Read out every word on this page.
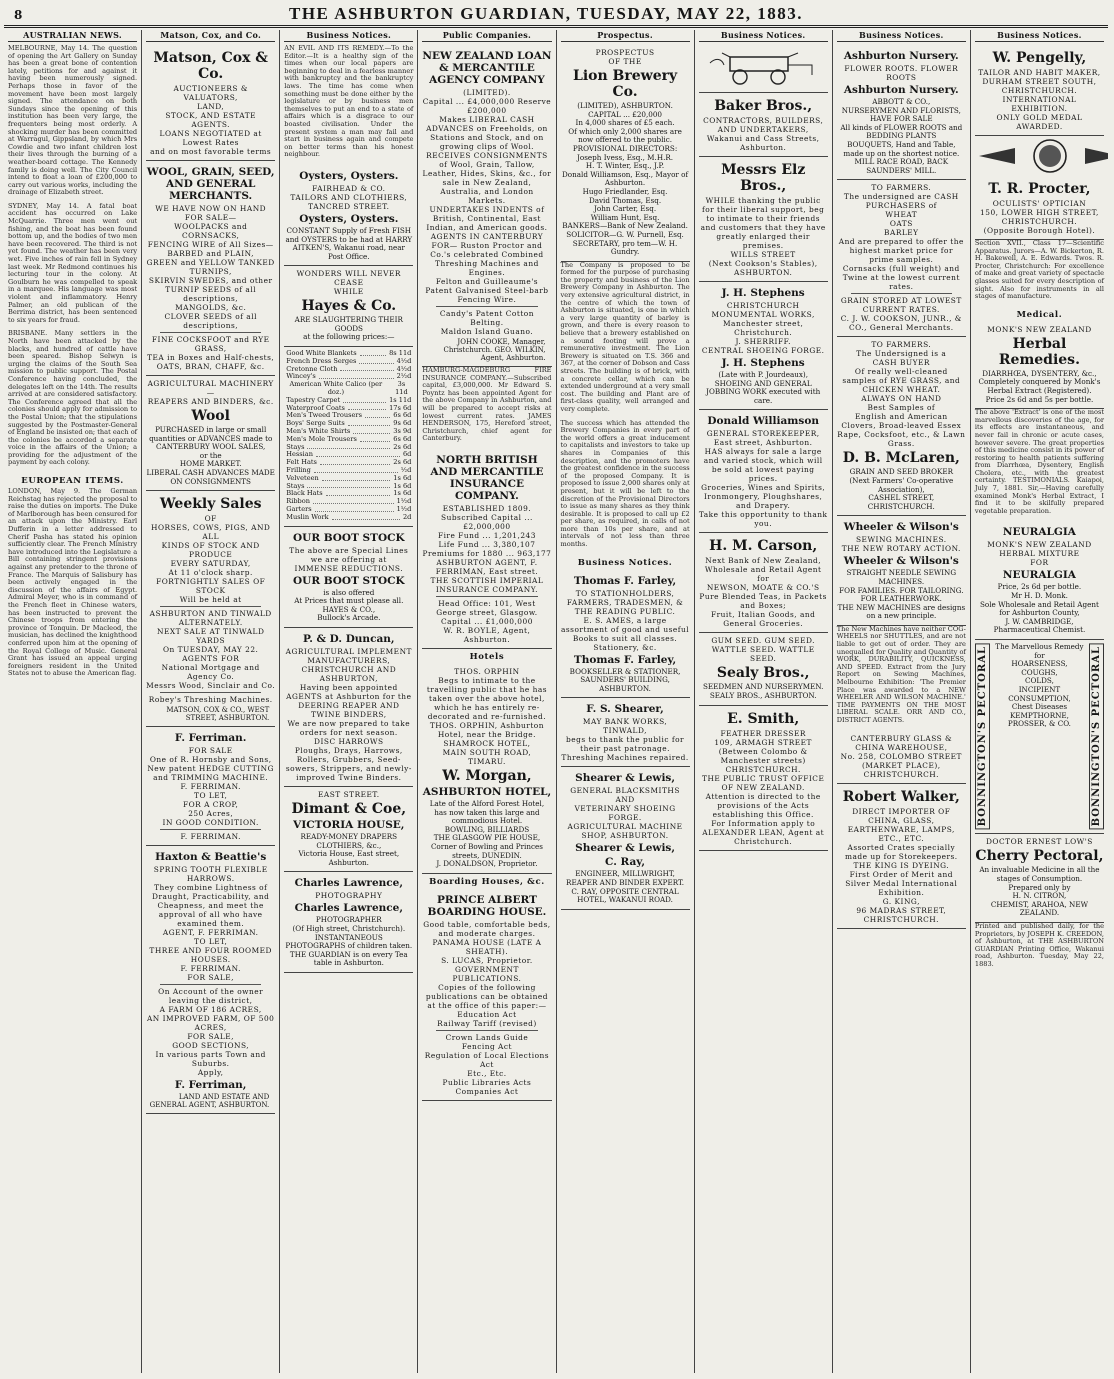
8	THE ASHBURTON GUARDIAN, TUESDAY, MAY 22, 1883.
AUSTRALIAN NEWS.
MELBOURNE, May 14. The question of opening the Art Gallery on Sunday has been a great bone of contention lately, petitions for and against it having been numerously signed. Perhaps those in favor of the movement have been most largely signed. The attendance on both Sundays since the opening of this institution has been very large, the frequenters being most orderly. A shocking murder has been committed at Warragul, Gippsland, by which Mrs Cowdie and two infant children lost their lives through the burning of a weather-board cottage. The Kennedy family is doing well. The City Council intend to float a loan of £200,000 to carry out various works, including the drainage of Elizabeth street.
SYDNEY, May 14. A fatal boat accident has occurred on Lake McQuarrie. Three men went out fishing, and the boat has been found bottom up, and the bodies of two men have been recovered. The third is not yet found. The weather has been very wet. Five inches of rain fell in Sydney last week. Mr Redmond continues his lecturing tour in the colony. At Goulburn he was compelled to speak in a marquee. His language was most violent and inflammatory. Henry Palmer, an old publican of the Berrima district, has been sentenced to six years for fraud.
BRISBANE. Many settlers in the North have been attacked by the blacks, and hundred of cattle have been speared. Bishop Selwyn is urging the claims of the South Sea mission to public support. The Postal Conference having concluded, the delegates left on the 14th. The results arrived at are considered satisfactory. The Conference agreed that all the colonies should apply for admission to the Postal Union; that the stipulations suggested by the Postmaster-General of England be insisted on; that each of the colonies be accorded a separate voice in the affairs of the Union; a providing for the adjustment of the payment by each colony.
EUROPEAN ITEMS.
LONDON, May 9. The German Reichstag has rejected the proposal to raise the duties on imports. The Duke of Marlborough has been censured for an attack upon the Ministry. Earl Dufferin in a letter addressed to Cherif Pasha has stated his opinion sufficiently clear. The French Ministry have introduced into the Legislature a Bill containing stringent provisions against any pretender to the throne of France. The Marquis of Salisbury has been actively engaged in the discussion of the affairs of Egypt. Admiral Meyer, who is in command of the French fleet in Chinese waters, has been instructed to prevent the Chinese troops from entering the province of Tonquin. Dr Macleod, the musician, has declined the knighthood conferred upon him at the opening of the Royal College of Music. General Grant has issued an appeal urging foreigners resident in the United States not to abuse the American flag.
Matson, Cox, and Co.
Matson, Cox & Co.
AUCTIONEERS & VALUATORS,
LAND,
STOCK, AND ESTATE AGENTS.
LOANS NEGOTIATED at Lowest Rates
and on most favorable terms
WOOL, GRAIN, SEED, AND GENERAL MERCHANTS.
WE HAVE NOW ON HAND FOR SALE—
WOOLPACKS and CORNSACKS,
FENCING WIRE of All Sizes—BARBED and PLAIN,
GREEN and YELLOW TANKED TURNIPS,
SKIRVIN SWEDES, and other TURNIP SEEDS of all descriptions,
MANGOLDS, &c.
CLOVER SEEDS of all descriptions,
FINE COCKSFOOT and RYE GRASS,
TEA in Boxes and Half-chests,
OATS, BRAN, CHAFF, &c.
AGRICULTURAL MACHINERY—
REAPERS AND BINDERS, &c.
Wool
PURCHASED in large or small quantities or ADVANCES made to
CANTERBURY WOOL SALES,
or the
HOME MARKET.
LIBERAL CASH ADVANCES MADE ON CONSIGNMENTS
Weekly Sales
OF
HORSES, COWS, PIGS, AND ALL
KINDS OF STOCK AND PRODUCE
EVERY SATURDAY,
At 11 o'clock sharp.
FORTNIGHTLY SALES OF STOCK
Will be held at
ASHBURTON AND TINWALD
ALTERNATELY.
NEXT SALE AT TINWALD YARDS
On TUESDAY, MAY 22.
AGENTS FOR
National Mortgage and Agency Co.
Messrs Wood, Sinclair and Co.
Robey's Threshing Machines.
MATSON, COX & CO., WEST STREET, ASHBURTON.
F. Ferriman.
FOR SALE
One of R. Hornsby and Sons, New patent HEDGE CUTTING and TRIMMING MACHINE.
F. FERRIMAN.
TO LET,
FOR A CROP,
250 Acres,
IN GOOD CONDITION.
F. FERRIMAN.
Haxton & Beattie's
SPRING TOOTH FLEXIBLE HARROWS.
They combine Lightness of Draught, Practicability, and Cheapness, and meet the approval of all who have examined them.
AGENT, F. FERRIMAN.
TO LET,
THREE AND FOUR ROOMED HOUSES.
F. FERRIMAN.
FOR SALE,
On Account of the owner leaving the district,
A FARM OF 186 ACRES,
AN IMPROVED FARM, OF 500 ACRES,
FOR SALE,
GOOD SECTIONS,
In various parts Town and Suburbs.
Apply,
F. Ferriman,
LAND AND ESTATE AND GENERAL AGENT, ASHBURTON.
Business Notices.
AN EVIL AND ITS REMEDY.—To the Editor.—It is a healthy sign of the times when our local papers are beginning to deal in a fearless manner with bankruptcy and the bankruptcy laws. The time has come when something must be done either by the legislature or by business men themselves to put an end to a state of affairs which is a disgrace to our boasted civilisation. Under the present system a man may fail and start in business again and compete on better terms than his honest neighbour.
Oysters, Oysters.
FAIRHEAD & CO.
TAILORS AND CLOTHIERS,
TANCRED STREET.
Oysters, Oysters.
CONSTANT Supply of Fresh FISH and OYSTERS to be had at HARRY AITKEN'S, Wakanui road, near Post Office.
WONDERS WILL NEVER CEASE
WHILE
Hayes & Co.
ARE SLAUGHTERING THEIR GOODS
at the following prices:—
Good White Blankets	8s 11d
French Dress Serges	4½d
Cretonne Cloth	4½d
Wincey's	2½d
American White Calico (per doz.)
3s 11d
Tapestry Carpet	1s 11d
Waterproof Coats	17s 6d
Men's Tweed Trousers	6s 6d
Boys' Serge Suits	9s 6d
Men's White Shirts	3s 9d
Men's Mole Trousers	6s 6d
Stays	2s 6d
Hessian	6d
Felt Hats	2s 6d
Frilling	½d
Velveteen	1s 6d
Stays	1s 6d
Black Hats	1s 6d
Ribbon	1½d
Garters	1½d
Muslin Work	2d
OUR BOOT STOCK
The above are Special Lines we are offering at
IMMENSE REDUCTIONS.
OUR BOOT STOCK
is also offered
At Prices that must please all.
HAYES & CO.,
Bullock's Arcade.
P. & D. Duncan,
AGRICULTURAL IMPLEMENT MANUFACTURERS,
CHRISTCHURCH AND ASHBURTON,
Having been appointed AGENTS at Ashburton for the DEERING REAPER AND TWINE BINDERS,
We are now prepared to take orders for next season.
DISC HARROWS
Ploughs, Drays, Harrows, Rollers, Grubbers, Seed-sowers, Strippers, and newly-improved Twine Binders.
EAST STREET.
Dimant & Coe,
VICTORIA HOUSE,
READY-MONEY DRAPERS CLOTHIERS, &c.,
Victoria House, East street, Ashburton.
Charles Lawrence,
PHOTOGRAPHY
Charles Lawrence,
PHOTOGRAPHER
(Of High street, Christchurch).
INSTANTANEOUS PHOTOGRAPHS of children taken.
THE GUARDIAN is on every Tea table in Ashburton.
Public Companies.
NEW ZEALAND LOAN & MERCANTILE AGENCY COMPANY
(LIMITED).
Capital ... £4,000,000 Reserve £200,000
Makes LIBERAL CASH ADVANCES on Freeholds, on Stations and Stock, and on growing clips of Wool.
RECEIVES CONSIGNMENTS of Wool, Grain, Tallow, Leather, Hides, Skins, &c., for sale in New Zealand, Australia, and London Markets.
UNDERTAKES INDENTS of British, Continental, East Indian, and American goods.
AGENTS IN CANTERBURY FOR— Ruston Proctor and Co.'s celebrated Combined Threshing Machines and Engines.
Felton and Guilleaume's Patent Galvanised Steel-barb Fencing Wire.
Candy's Patent Cotton Belting.
Maldon Island Guano.
JOHN COOKE, Manager, Christchurch. GEO. WILKIN, Agent, Ashburton.
HAMBURG-MAGDEBURG FIRE INSURANCE COMPANY.—Subscribed capital, £3,000,000. Mr Edward S. Poyntz has been appointed Agent for the above Company in Ashburton, and will be prepared to accept risks at lowest current rates. JAMES HENDERSON, 175, Hereford street, Christchurch, chief agent for Canterbury.
NORTH BRITISH AND MERCANTILE INSURANCE COMPANY.
ESTABLISHED 1809.
Subscribed Capital ... £2,000,000
Fire Fund ... 1,201,243
Life Fund ... 3,380,107
Premiums for 1880 ... 963,177
ASHBURTON AGENT, F. FERRIMAN, East street.
THE SCOTTISH IMPERIAL INSURANCE COMPANY.
Head Office: 101, West George street, Glasgow.
Capital ... £1,000,000
W. R. BOYLE, Agent, Ashburton.
Hotels
THOS. ORPHIN
Begs to intimate to the travelling public that he has taken over the above hotel, which he has entirely re-decorated and re-furnished.
THOS. ORPHIN, Ashburton Hotel, near the Bridge.
SHAMROCK HOTEL,
MAIN SOUTH ROAD, TIMARU.
W. Morgan,
ASHBURTON HOTEL,
Late of the Alford Forest Hotel, has now taken this large and commodious Hotel.
BOWLING, BILLIARDS
THE GLASGOW PIE HOUSE,
Corner of Bowling and Princes streets, DUNEDIN.
J. DONALDSON, Proprietor.
Boarding Houses, &c.
PRINCE ALBERT BOARDING HOUSE.
Good table, comfortable beds, and moderate charges.
PANAMA HOUSE (LATE A SHEATH).
S. LUCAS, Proprietor.
GOVERNMENT PUBLICATIONS.
Copies of the following publications can be obtained at the office of this paper:—
Education Act
Railway Tariff (revised)
Crown Lands Guide
Fencing Act
Regulation of Local Elections Act
Etc., Etc.
Public Libraries Acts
Companies Act
Prospectus.
PROSPECTUS
OF THE
Lion Brewery Co.
(LIMITED), ASHBURTON.
CAPITAL ... £20,000
In 4,000 shares of £5 each.
Of which only 2,000 shares are now offered to the public.
PROVISIONAL DIRECTORS:
Joseph Ivess, Esq., M.H.R.
H. T. Winter, Esq., J.P.
Donald Williamson, Esq., Mayor of Ashburton.
Hugo Friedlander, Esq.
David Thomas, Esq.
John Carter, Esq.
William Hunt, Esq.
BANKERS—Bank of New Zealand.
SOLICITOR—G. W. Purnell, Esq.
SECRETARY, pro tem—W. H. Gundry.
The Company is proposed to be formed for the purpose of purchasing the property and business of the Lion Brewery Company in Ashburton. The very extensive agricultural district, in the centre of which the town of Ashburton is situated, is one in which a very large quantity of barley is grown, and there is every reason to believe that a brewery established on a sound footing will prove a remunerative investment. The Lion Brewery is situated on T.S. 366 and 367, at the corner of Dobson and Cass streets. The building is of brick, with a concrete cellar, which can be extended underground at a very small cost. The building and Plant are of first-class quality, well arranged and very complete.
The success which has attended the Brewery Companies in every part of the world offers a great inducement to capitalists and investors to take up shares in Companies of this description, and the promoters have the greatest confidence in the success of the proposed Company. It is proposed to issue 2,000 shares only at present, but it will be left to the discretion of the Provisional Directors to issue as many shares as they think desirable. It is proposed to call up £2 per share, as required, in calls of not more than 10s per share, and at intervals of not less than three months.
Business Notices.
Thomas F. Farley,
TO STATIONHOLDERS, FARMERS, TRADESMEN, & THE READING PUBLIC.
E. S. AMES, a large assortment of good and useful Books to suit all classes.
Stationery, &c.
Thomas F. Farley,
BOOKSELLER & STATIONER,
SAUNDERS' BUILDING, ASHBURTON.
F. S. Shearer,
MAY BANK WORKS, TINWALD,
begs to thank the public for their past patronage.
Threshing Machines repaired.
Shearer & Lewis,
GENERAL BLACKSMITHS
AND
VETERINARY SHOEING FORGE.
AGRICULTURAL MACHINE SHOP, ASHBURTON.
Shearer & Lewis,
C. Ray,
ENGINEER, MILLWRIGHT, REAPER AND BINDER EXPERT.
C. RAY, OPPOSITE CENTRAL HOTEL, WAKANUI ROAD.
Business Notices.
Baker Bros.,
CONTRACTORS, BUILDERS, AND UNDERTAKERS,
Wakanui and Cass Streets, Ashburton.
Messrs Elz Bros.,
WHILE thanking the public for their liberal support, beg to intimate to their friends and customers that they have greatly enlarged their premises.
WILLS STREET
(Next Cookson's Stables),
ASHBURTON.
J. H. Stephens
CHRISTCHURCH MONUMENTAL WORKS,
Manchester street, Christchurch.
J. SHERRIFF.
CENTRAL SHOEING FORGE.
J. H. Stephens
(Late with P. Jourdeaux),
SHOEING AND GENERAL JOBBING WORK executed with care.
Donald Williamson
GENERAL STOREKEEPER,
East street, Ashburton.
HAS always for sale a large and varied stock, which will be sold at lowest paying prices.
Groceries, Wines and Spirits, Ironmongery, Ploughshares, and Drapery.
Take this opportunity to thank you.
H. M. Carson,
Next Bank of New Zealand,
Wholesale and Retail Agent for
NEWSON, MOATE & CO.'S
Pure Blended Teas, in Packets and Boxes;
Fruit, Italian Goods, and General Groceries.
GUM SEED. GUM SEED.
WATTLE SEED. WATTLE SEED.
Sealy Bros.,
SEEDMEN AND NURSERYMEN.
SEALY BROS., ASHBURTON.
E. Smith,
FEATHER DRESSER
109, ARMAGH STREET
(Between Colombo & Manchester streets) CHRISTCHURCH.
THE PUBLIC TRUST OFFICE OF NEW ZEALAND.
Attention is directed to the provisions of the Acts establishing this Office.
For Information apply to
ALEXANDER LEAN, Agent at Christchurch.
Business Notices.
Ashburton Nursery.
FLOWER ROOTS. FLOWER ROOTS
Ashburton Nursery.
ABBOTT & CO.,
NURSERYMEN AND FLORISTS,
HAVE FOR SALE
All kinds of FLOWER ROOTS and BEDDING PLANTS
BOUQUETS, Hand and Table, made up on the shortest notice.
MILL RACE ROAD, BACK SAUNDERS' MILL.
TO FARMERS.
The undersigned are CASH PURCHASERS of
WHEAT
OATS
BARLEY
And are prepared to offer the highest market price for prime samples.
Cornsacks (full weight) and Twine at the lowest current rates.
GRAIN STORED AT LOWEST CURRENT RATES.
C. J. W. COOKSON, JUNR., & CO., General Merchants.
TO FARMERS.
The Undersigned is a
CASH BUYER
Of really well-cleaned samples of RYE GRASS, and CHICKEN WHEAT.
ALWAYS ON HAND
Best Samples of
English and American Clovers, Broad-leaved Essex Rape, Cocksfoot, etc., & Lawn Grass.
D. B. McLaren,
GRAIN AND SEED BROKER
(Next Farmers' Co-operative Association),
CASHEL STREET, CHRISTCHURCH.
Wheeler & Wilson's
SEWING MACHINES.
THE NEW ROTARY ACTION.
Wheeler & Wilson's
STRAIGHT NEEDLE SEWING MACHINES.
FOR FAMILIES. FOR TAILORING.
FOR LEATHERWORK.
THE NEW MACHINES are designs on a new principle.
The New Machines have neither COG-WHEELS nor SHUTTLES, and are not liable to get out of order. They are unequalled for Quality and Quantity of WORK, DURABILITY, QUICKNESS, AND SPEED. Extract from the Jury Report on Sewing Machines, Melbourne Exhibition: 'The Premier Place was awarded to a NEW WHEELER AND WILSON MACHINE.' TIME PAYMENTS ON THE MOST LIBERAL SCALE. ORR AND CO., DISTRICT AGENTS.
CANTERBURY GLASS & CHINA WAREHOUSE,
No. 258, COLOMBO STREET (MARKET PLACE), CHRISTCHURCH.
Robert Walker,
DIRECT IMPORTER OF CHINA, GLASS, EARTHENWARE, LAMPS, ETC., ETC.
Assorted Crates specially made up for Storekeepers.
THE KING IS DYEING.
First Order of Merit and Silver Medal International Exhibition.
G. KING,
96 MADRAS STREET, CHRISTCHURCH.
Business Notices.
W. Pengelly,
TAILOR AND HABIT MAKER,
DURHAM STREET SOUTH,
CHRISTCHURCH.
INTERNATIONAL EXHIBITION.
ONLY GOLD MEDAL AWARDED.
T. R. Procter,
OCULISTS' OPTICIAN
150, LOWER HIGH STREET, CHRISTCHURCH.
(Opposite Borough Hotel).
Section XVII., Class 17—Scientific Apparatus. Jurors—A. W. Bickerton, R. H. Bakewell, A. E. Edwards. Twos. R. Procter, Christchurch: For excellence of make and great variety of spectacle glasses suited for every description of sight. Also for instruments in all stages of manufacture.
Medical.
MONK'S NEW ZEALAND
Herbal Remedies.
DIARRHŒA, DYSENTERY, &c.,
Completely conquered by Monk's Herbal Extract (Registered).
Price 2s 6d and 5s per bottle.
The above 'Extract' is one of the most marvellous discoveries of the age, for its effects are instantaneous, and never fail in chronic or acute cases, however severe. The great properties of this medicine consist in its power of restoring to health patients suffering from Diarrhœa, Dysentery, English Cholera, etc., with the greatest certainty. TESTIMONIALS. Kaiapoi, July 7, 1881. Sir,—Having carefully examined Monk's Herbal Extract, I find it to be skilfully prepared vegetable preparation.
NEURALGIA
MONK'S NEW ZEALAND HERBAL MIXTURE
FOR
NEURALGIA
Price, 2s 6d per bottle.
Mr H. D. Monk.
Sole Wholesale and Retail Agent for Ashburton County,
J. W. CAMBRIDGE,
Pharmaceutical Chemist.
BONNINGTON'S PECTORAL	The Marvellous Remedy for
HOARSENESS,
COUGHS,
COLDS,
INCIPIENT CONSUMPTION,
Chest Diseases
KEMPTHORNE, PROSSER, & CO.	BONNINGTON'S PECTORAL
DOCTOR ERNEST LOW'S
Cherry Pectoral,
An invaluable Medicine in all the stages of Consumption.
Prepared only by
H. N. CITRON,
CHEMIST, ARAHOA, NEW ZEALAND.
Printed and published daily, for the Proprietors, by JOSEPH K. CREEDON, of Ashburton, at THE ASHBURTON GUARDIAN Printing Office, Wakanui road, Ashburton. Tuesday, May 22, 1883.
